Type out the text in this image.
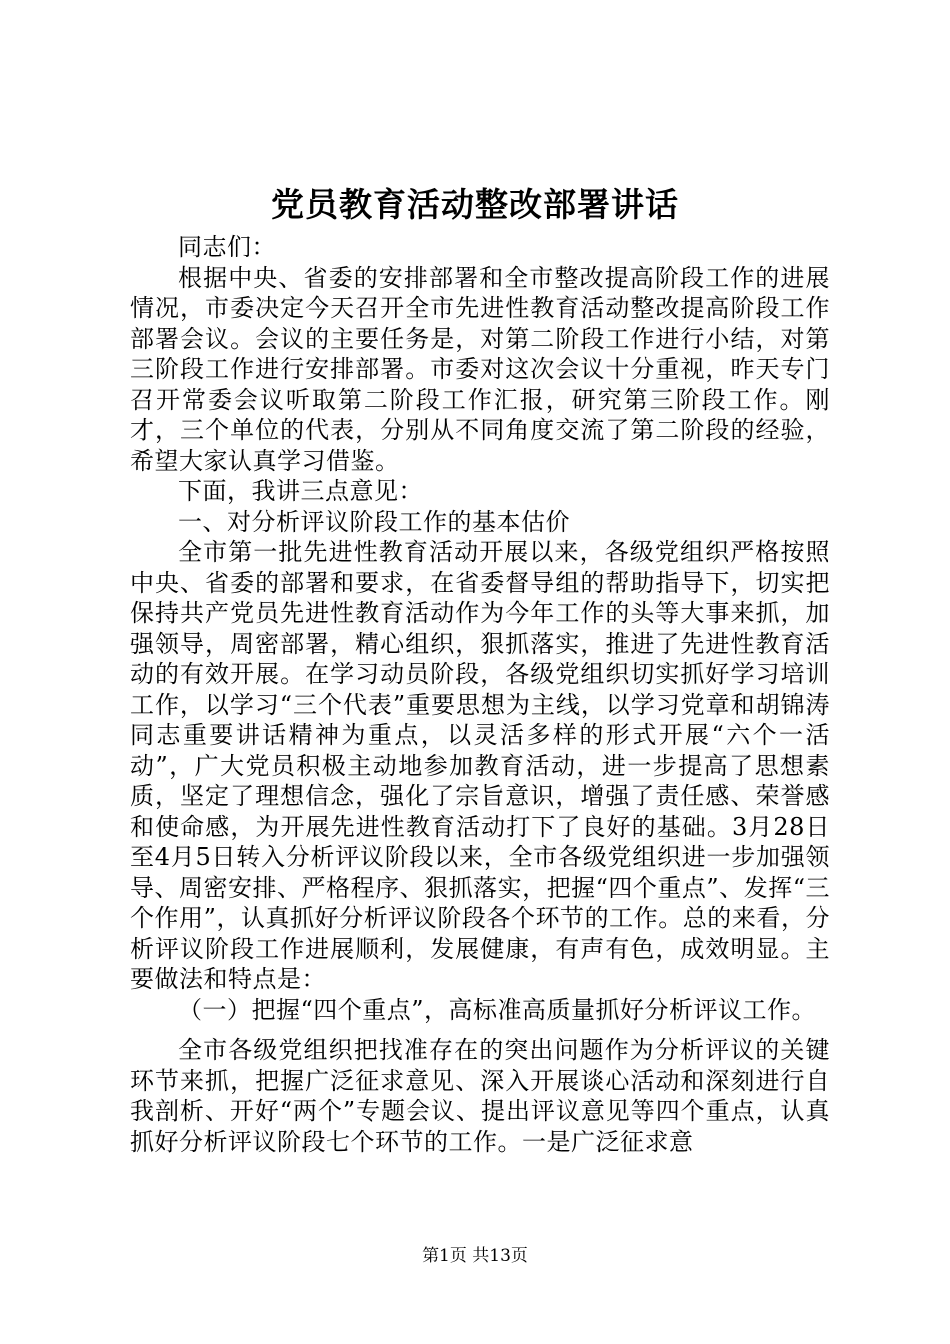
党员教育活动整改部署讲话

同志们：

根据中央、省委的安排部署和全市整改提高阶段工作的进展情况，市委决定今天召开全市先进性教育活动整改提高阶段工作部署会议。会议的主要任务是，对第二阶段工作进行小结，对第三阶段工作进行安排部署。市委对这次会议十分重视，昨天专门召开常委会议听取第二阶段工作汇报，研究第三阶段工作。刚才，三个单位的代表，分别从不同角度交流了第二阶段的经验，希望大家认真学习借鉴。

下面，我讲三点意见：

一、对分析评议阶段工作的基本估价

全市第一批先进性教育活动开展以来，各级党组织严格按照中央、省委的部署和要求，在省委督导组的帮助指导下，切实把保持共产党员先进性教育活动作为今年工作的头等大事来抓，加强领导，周密部署，精心组织，狠抓落实，推进了先进性教育活动的有效开展。在学习动员阶段，各级党组织切实抓好学习培训工作，以学习“三个代表”重要思想为主线，以学习党章和胡锦涛同志重要讲话精神为重点，以灵活多样的形式开展“六个一活动”，广大党员积极主动地参加教育活动，进一步提高了思想素质，坚定了理想信念，强化了宗旨意识，增强了责任感、荣誉感和使命感，为开展先进性教育活动打下了良好的基础。3月28日至4月5日转入分析评议阶段以来，全市各级党组织进一步加强领导、周密安排、严格程序、狠抓落实，把握“四个重点”、发挥“三个作用”，认真抓好分析评议阶段各个环节的工作。总的来看，分析评议阶段工作进展顺利，发展健康，有声有色，成效明显。主要做法和特点是：

（一）把握“四个重点”，高标准高质量抓好分析评议工作。

全市各级党组织把找准存在的突出问题作为分析评议的关键环节来抓，把握广泛征求意见、深入开展谈心活动和深刻进行自我剖析、开好“两个”专题会议、提出评议意见等四个重点，认真抓好分析评议阶段七个环节的工作。一是广泛征求意

第1页 共13页
